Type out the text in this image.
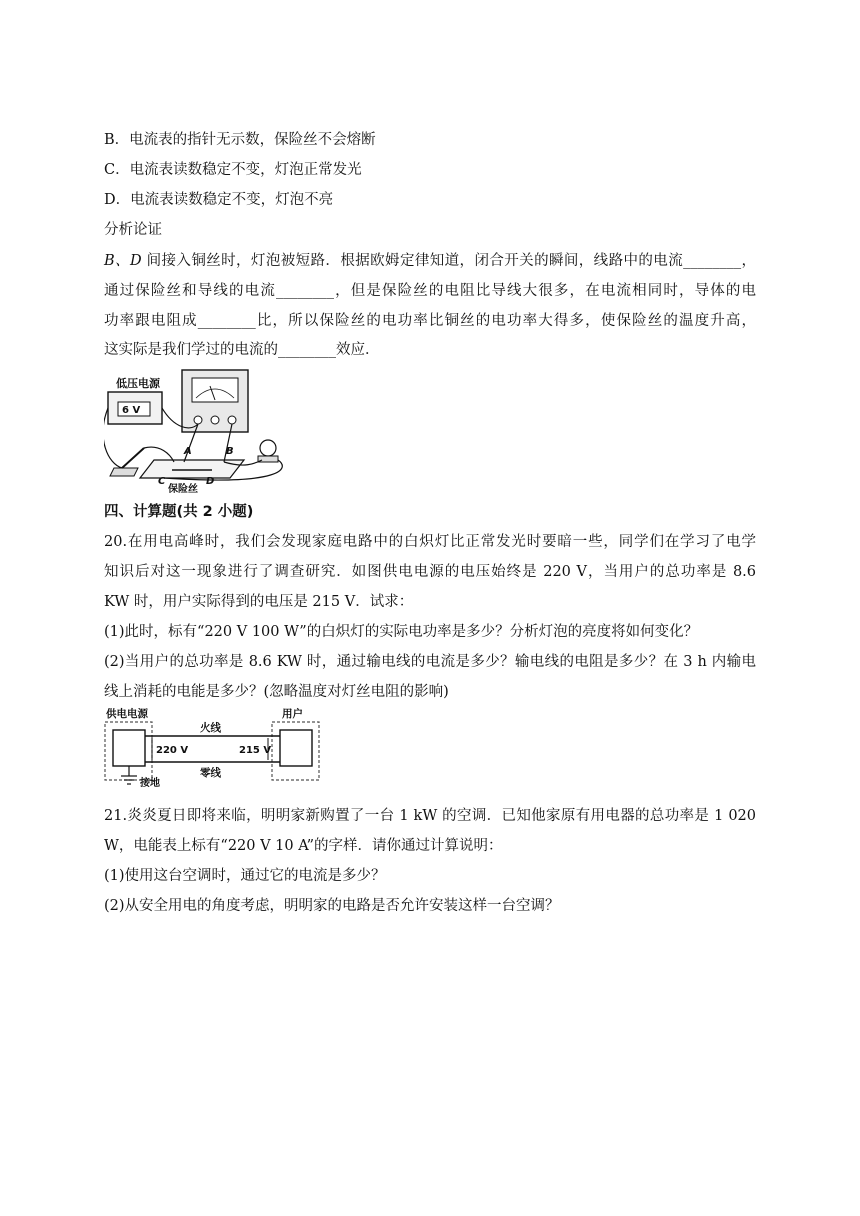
B．电流表的指针无示数，保险丝不会熔断
C．电流表读数稳定不变，灯泡正常发光
D．电流表读数稳定不变，灯泡不亮
分析论证
B、D 间接入铜丝时，灯泡被短路．根据欧姆定律知道，闭合开关的瞬间，线路中的电流________，
通过保险丝和导线的电流________，但是保险丝的电阻比导线大很多，在电流相同时，导体的电
功率跟电阻成________比，所以保险丝的电功率比铜丝的电功率大得多，使保险丝的温度升高，
这实际是我们学过的电流的________效应．
低压电源
6 V
A	B
C	D
保险丝
四、计算题(共 2 小题)
20.在用电高峰时，我们会发现家庭电路中的白炽灯比正常发光时要暗一些，同学们在学习了电学
知识后对这一现象进行了调查研究．如图供电电源的电压始终是 220 V，当用户的总功率是 8.6
KW 时，用户实际得到的电压是 215 V．试求：
(1)此时，标有“220 V 100 W”的白炽灯的实际电功率是多少？分析灯泡的亮度将如何变化？
(2)当用户的总功率是 8.6 KW 时，通过输电线的电流是多少？输电线的电阻是多少？在 3 h 内输电
线上消耗的电能是多少？(忽略温度对灯丝电阻的影响)
供电电源	用户
火线
零线
220 V	215 V
接地
21.炎炎夏日即将来临，明明家新购置了一台 1 kW 的空调．已知他家原有用电器的总功率是 1 020
W，电能表上标有“220 V 10 A”的字样．请你通过计算说明：
(1)使用这台空调时，通过它的电流是多少？
(2)从安全用电的角度考虑，明明家的电路是否允许安装这样一台空调？
